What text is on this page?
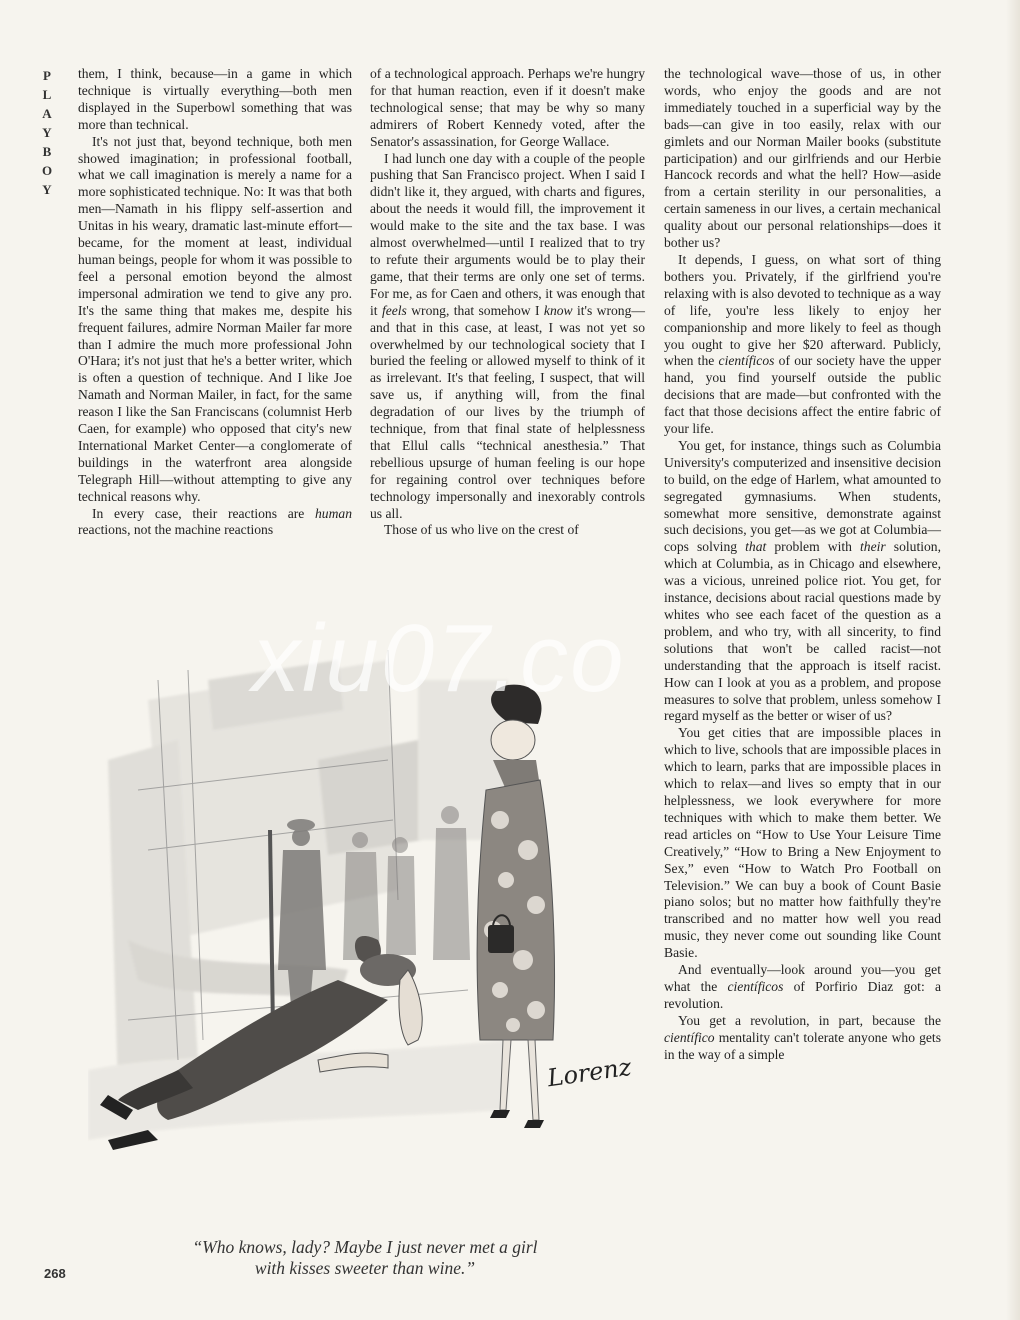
P
L
A
Y
B
O
Y

them, I think, because—in a game in which technique is virtually everything—both men displayed in the Superbowl something that was more than technical.

It's not just that, beyond technique, both men showed imagination; in professional football, what we call imagination is merely a name for a more sophisticated technique. No: It was that both men—Namath in his flippy self-assertion and Unitas in his weary, dramatic last-minute effort—became, for the moment at least, individual human beings, people for whom it was possible to feel a personal emotion beyond the almost impersonal admiration we tend to give any pro. It's the same thing that makes me, despite his frequent failures, admire Norman Mailer far more than I admire the much more professional John O'Hara; it's not just that he's a better writer, which is often a question of technique. And I like Joe Namath and Norman Mailer, in fact, for the same reason I like the San Franciscans (columnist Herb Caen, for example) who opposed that city's new International Market Center—a conglomerate of buildings in the waterfront area alongside Telegraph Hill—without attempting to give any technical reasons why.

In every case, their reactions are human reactions, not the machine reactions

of a technological approach. Perhaps we're hungry for that human reaction, even if it doesn't make technological sense; that may be why so many admirers of Robert Kennedy voted, after the Senator's assassination, for George Wallace.

I had lunch one day with a couple of the people pushing that San Francisco project. When I said I didn't like it, they argued, with charts and figures, about the needs it would fill, the improvement it would make to the site and the tax base. I was almost overwhelmed—until I realized that to try to refute their arguments would be to play their game, that their terms are only one set of terms. For me, as for Caen and others, it was enough that it feels wrong, that somehow I know it's wrong—and that in this case, at least, I was not yet so overwhelmed by our technological society that I buried the feeling or allowed myself to think of it as irrelevant. It's that feeling, I suspect, that will save us, if anything will, from the final degradation of our lives by the triumph of technique, from that final state of helplessness that Ellul calls “technical anesthesia.” That rebellious upsurge of human feeling is our hope for regaining control over techniques before technology impersonally and inexorably controls us all.

Those of us who live on the crest of

the technological wave—those of us, in other words, who enjoy the goods and are not immediately touched in a superficial way by the bads—can give in too easily, relax with our gimlets and our Norman Mailer books (substitute participation) and our girlfriends and our Herbie Hancock records and what the hell? How—aside from a certain sterility in our personalities, a certain sameness in our lives, a certain mechanical quality about our personal relationships—does it bother us?

It depends, I guess, on what sort of thing bothers you. Privately, if the girlfriend you're relaxing with is also devoted to technique as a way of life, you're less likely to enjoy her companionship and more likely to feel as though you ought to give her $20 afterward. Publicly, when the científicos of our society have the upper hand, you find yourself outside the public decisions that are made—but confronted with the fact that those decisions affect the entire fabric of your life.

You get, for instance, things such as Columbia University's computerized and insensitive decision to build, on the edge of Harlem, what amounted to segregated gymnasiums. When students, somewhat more sensitive, demonstrate against such decisions, you get—as we got at Columbia—cops solving that problem with their solution, which at Columbia, as in Chicago and elsewhere, was a vicious, unreined police riot. You get, for instance, decisions about racial questions made by whites who see each facet of the question as a problem, and who try, with all sincerity, to find solutions that won't be called racist—not understanding that the approach is itself racist. How can I look at you as a problem, and propose measures to solve that problem, unless somehow I regard myself as the better or wiser of us?

You get cities that are impossible places in which to live, schools that are impossible places in which to learn, parks that are impossible places in which to relax—and lives so empty that in our helplessness, we look everywhere for more techniques with which to make them better. We read articles on “How to Use Your Leisure Time Creatively,” “How to Bring a New Enjoyment to Sex,” even “How to Watch Pro Football on Television.” We can buy a book of Count Basie piano solos; but no matter how faithfully they're transcribed and no matter how well you read music, they never come out sounding like Count Basie.

And eventually—look around you—you get what the científicos of Porfirio Diaz got: a revolution.

You get a revolution, in part, because the científico mentality can't tolerate anyone who gets in the way of a simple

Lorenz
“Who knows, lady? Maybe I just never met a girl
with kisses sweeter than wine.”
268
xiu07.co
